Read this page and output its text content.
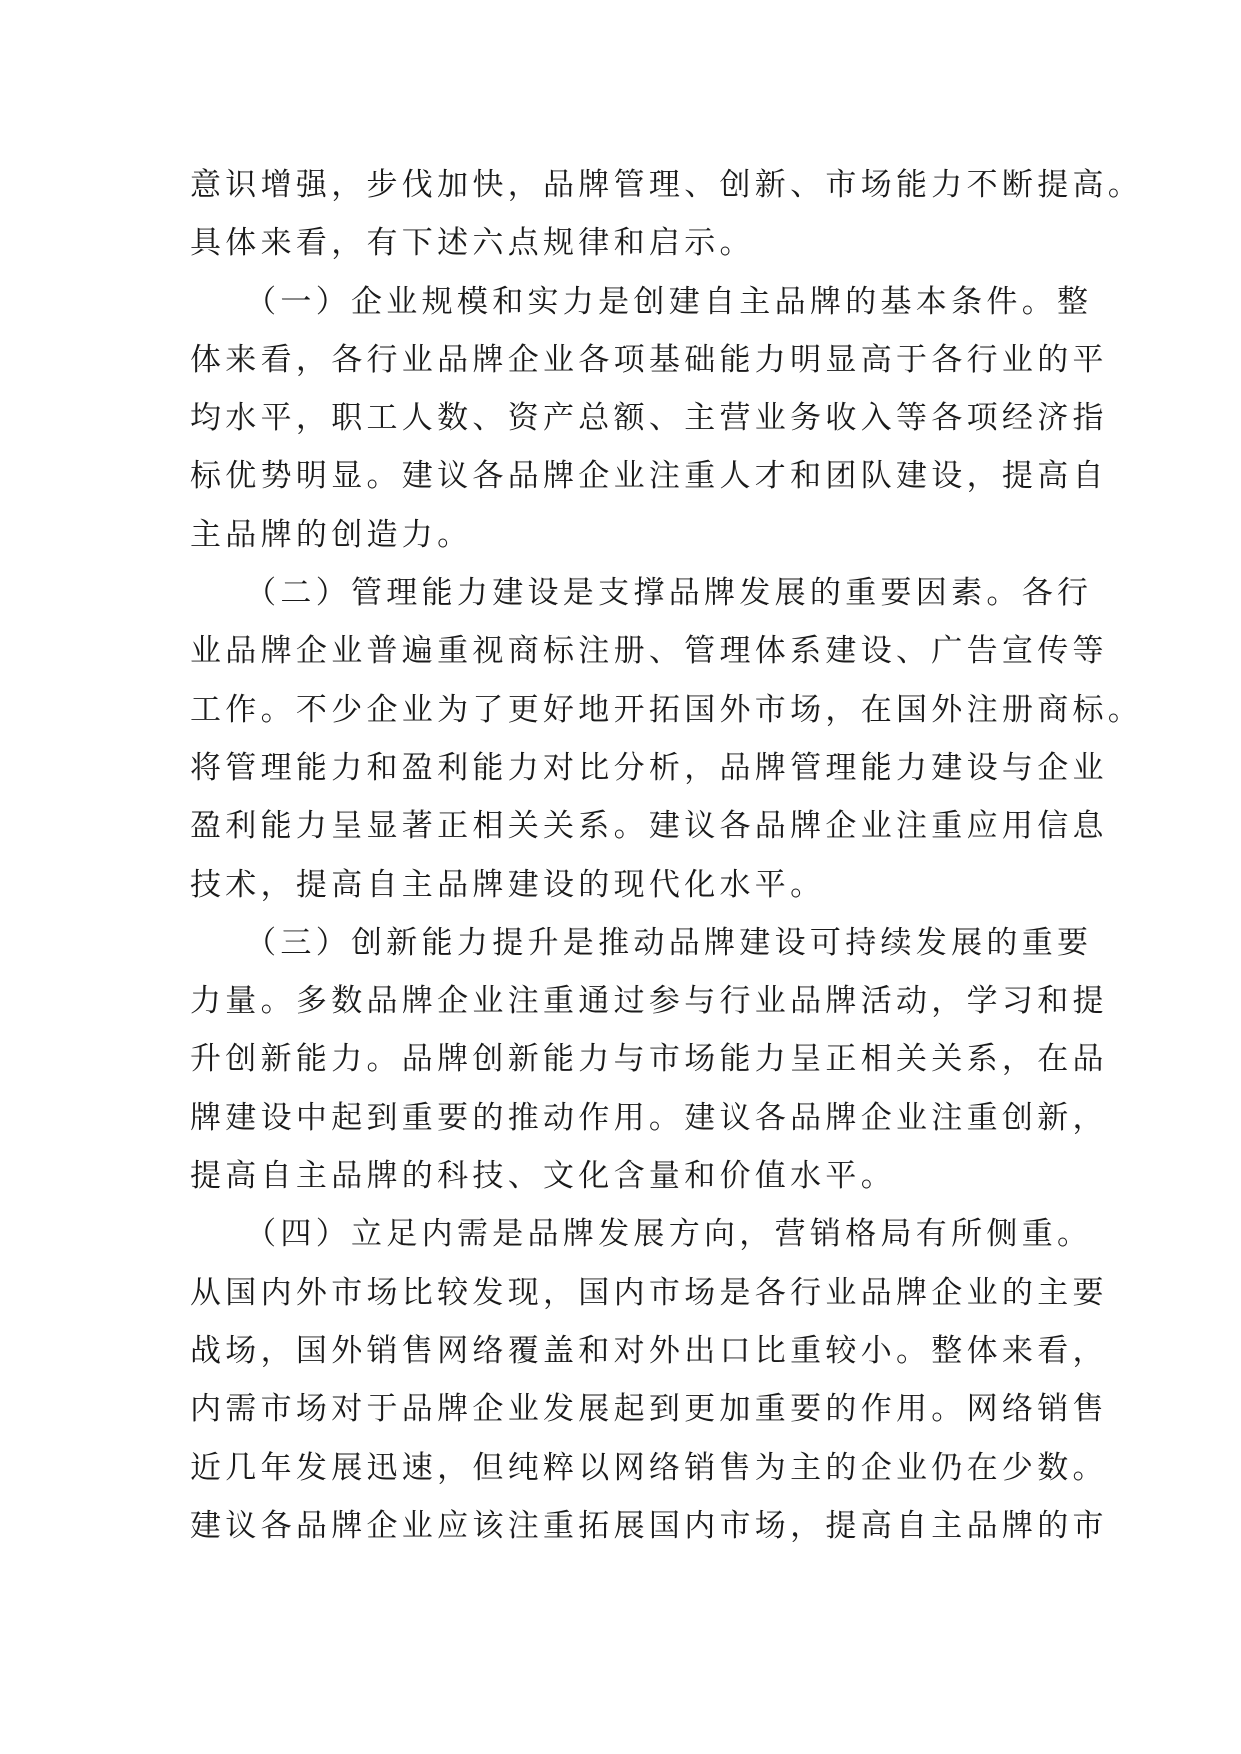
意识增强，步伐加快，品牌管理、创新、市场能力不断提高。
具体来看，有下述六点规律和启示。
　　（一）企业规模和实力是创建自主品牌的基本条件。整
体来看，各行业品牌企业各项基础能力明显高于各行业的平
均水平，职工人数、资产总额、主营业务收入等各项经济指
标优势明显。建议各品牌企业注重人才和团队建设，提高自
主品牌的创造力。
　　（二）管理能力建设是支撑品牌发展的重要因素。各行
业品牌企业普遍重视商标注册、管理体系建设、广告宣传等
工作。不少企业为了更好地开拓国外市场，在国外注册商标。
将管理能力和盈利能力对比分析，品牌管理能力建设与企业
盈利能力呈显著正相关关系。建议各品牌企业注重应用信息
技术，提高自主品牌建设的现代化水平。
　　（三）创新能力提升是推动品牌建设可持续发展的重要
力量。多数品牌企业注重通过参与行业品牌活动，学习和提
升创新能力。品牌创新能力与市场能力呈正相关关系，在品
牌建设中起到重要的推动作用。建议各品牌企业注重创新，
提高自主品牌的科技、文化含量和价值水平。
　　（四）立足内需是品牌发展方向，营销格局有所侧重。
从国内外市场比较发现，国内市场是各行业品牌企业的主要
战场，国外销售网络覆盖和对外出口比重较小。整体来看，
内需市场对于品牌企业发展起到更加重要的作用。网络销售
近几年发展迅速，但纯粹以网络销售为主的企业仍在少数。
建议各品牌企业应该注重拓展国内市场，提高自主品牌的市
